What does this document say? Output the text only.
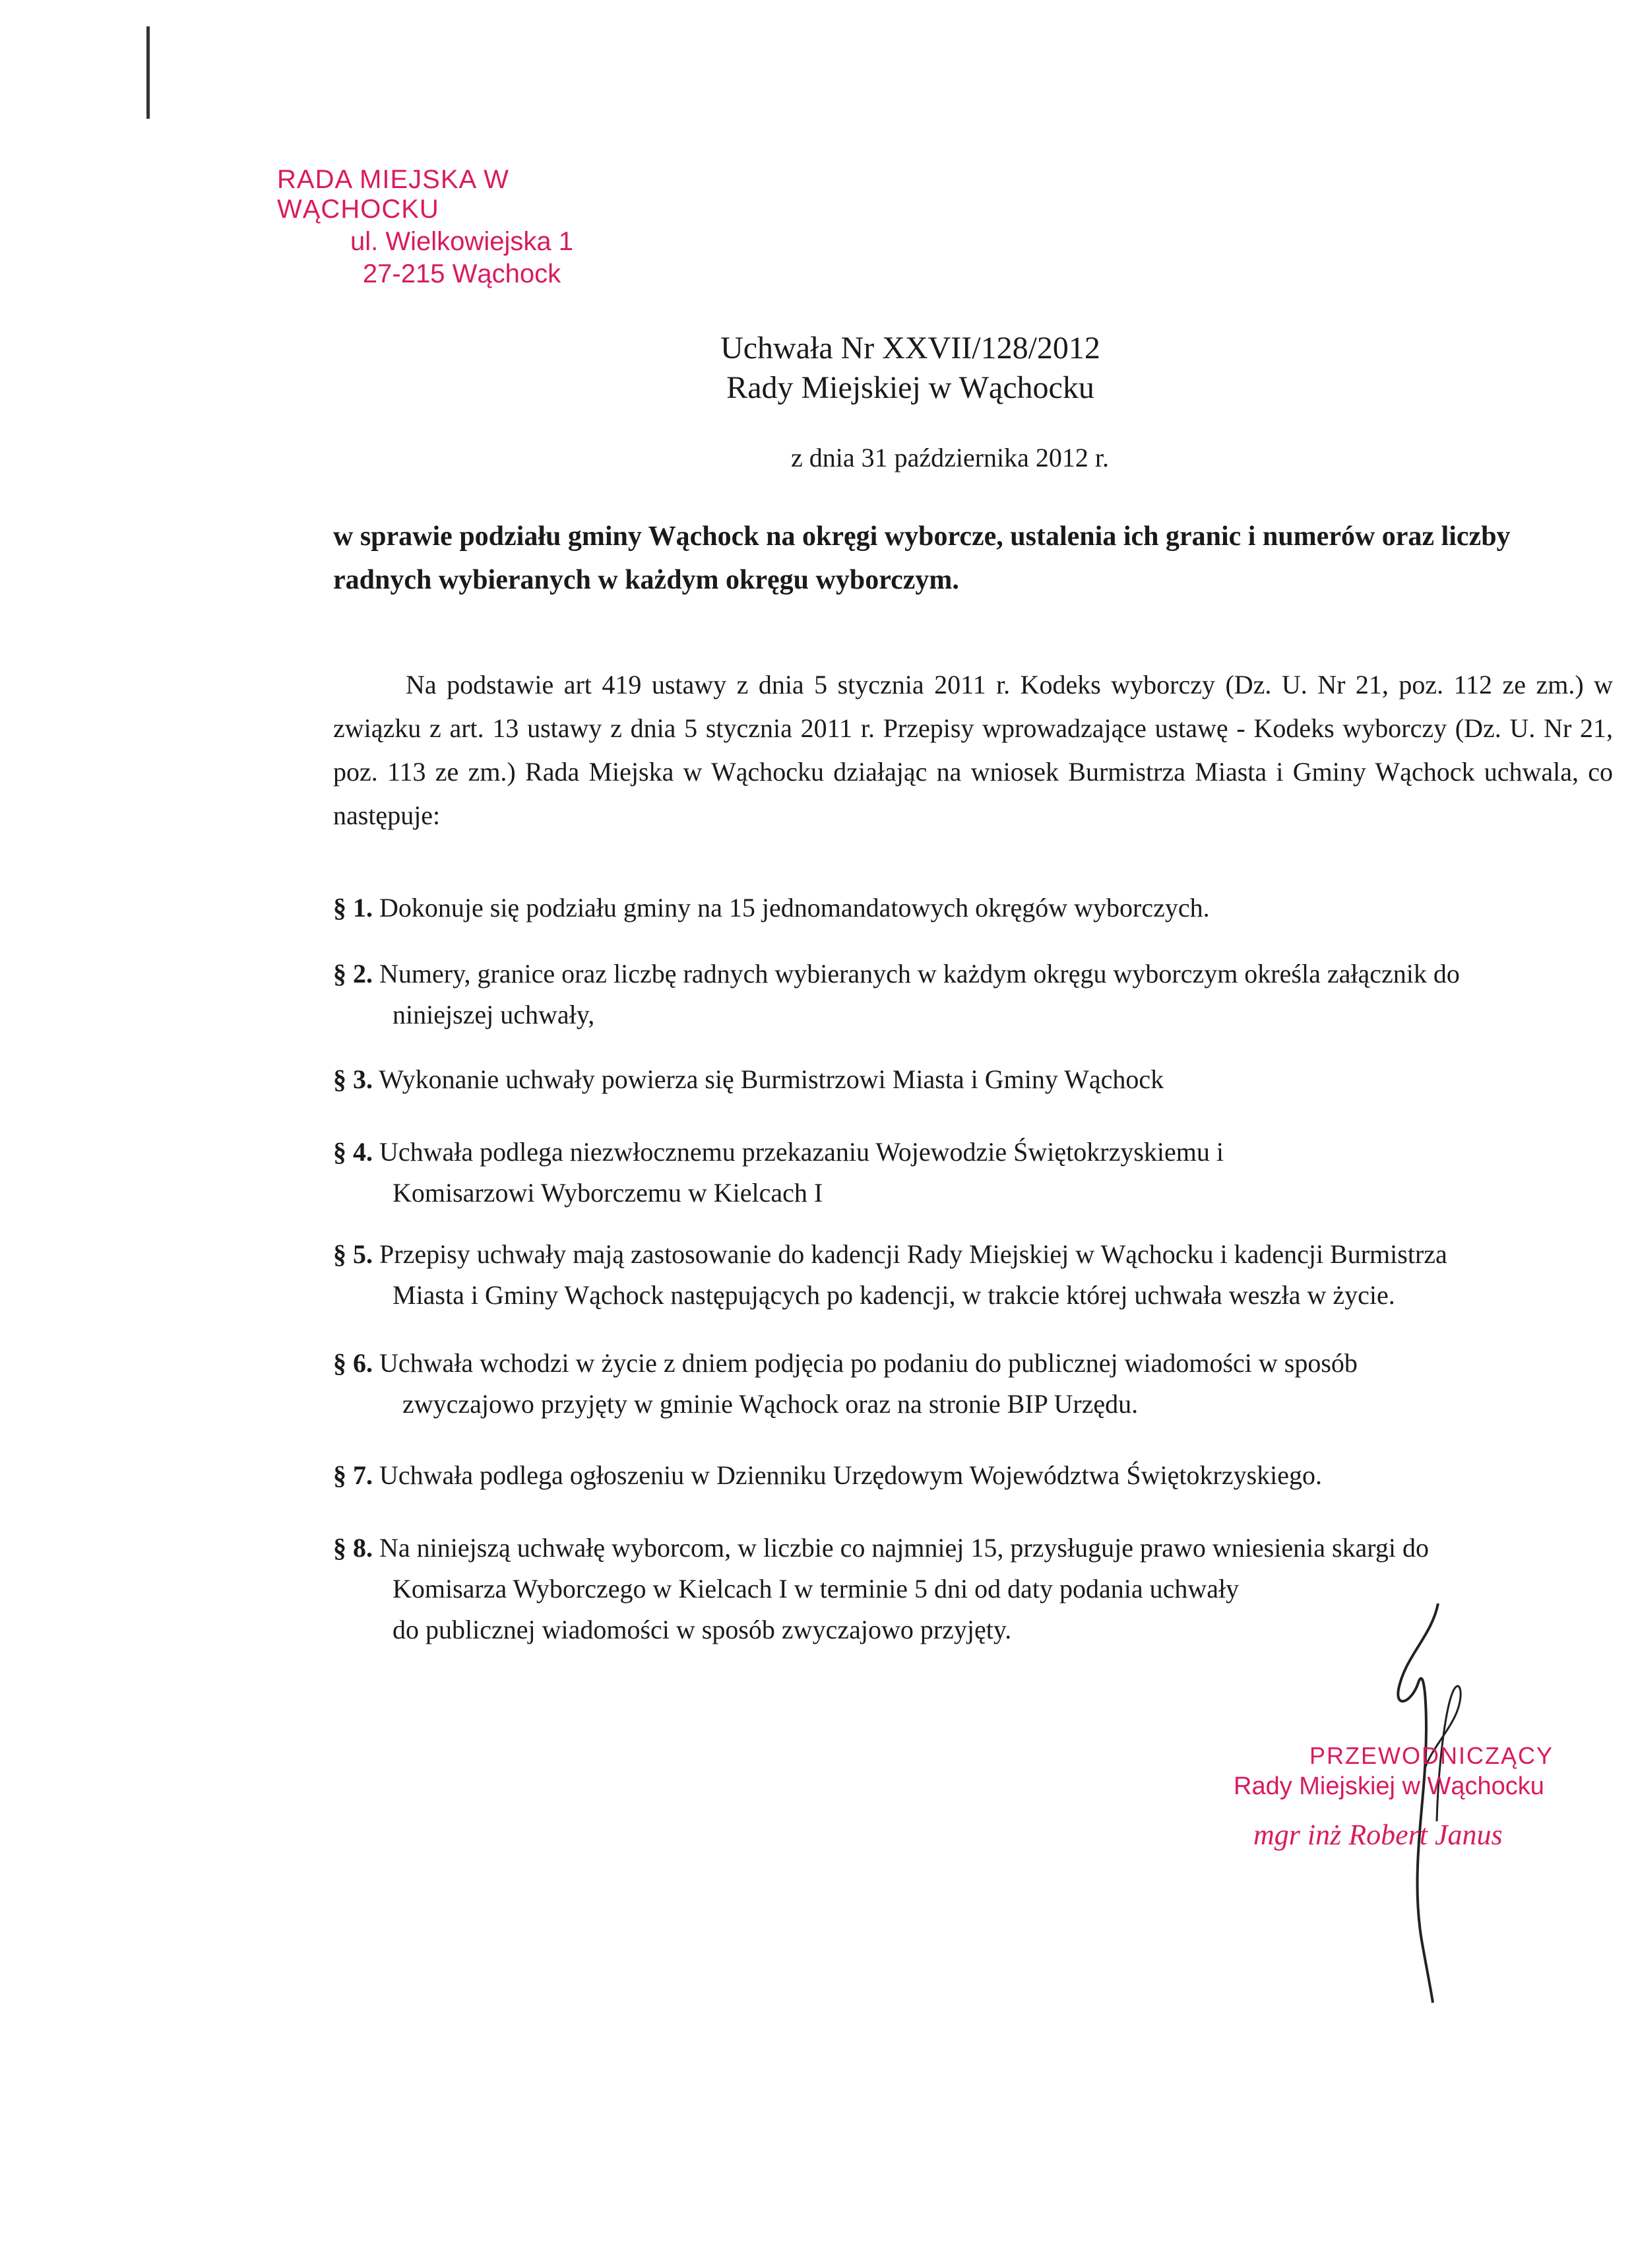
RADA MIEJSKA W WĄCHOCKU
ul. Wielkowiejska 1
27-215 Wąchock
Uchwała Nr XXVII/128/2012
Rady Miejskiej w Wąchocku
z dnia 31 października 2012 r.
w sprawie podziału gminy Wąchock na okręgi wyborcze, ustalenia ich granic i numerów oraz liczby radnych wybieranych w każdym okręgu wyborczym.
Na podstawie art 419 ustawy z dnia 5 stycznia 2011 r. Kodeks wyborczy (Dz. U. Nr 21, poz. 112 ze zm.) w związku z art. 13 ustawy z dnia 5 stycznia 2011 r. Przepisy wprowadzające ustawę - Kodeks wyborczy (Dz. U. Nr 21, poz. 113 ze zm.) Rada Miejska w Wąchocku działając na wniosek Burmistrza Miasta i Gminy Wąchock uchwala, co następuje:
§ 1. Dokonuje się podziału gminy na 15 jednomandatowych okręgów wyborczych.
§ 2. Numery, granice oraz liczbę radnych wybieranych w każdym okręgu wyborczym określa załącznik do
niniejszej uchwały,
§ 3. Wykonanie uchwały powierza się Burmistrzowi Miasta i Gminy Wąchock
§ 4. Uchwała podlega niezwłocznemu przekazaniu Wojewodzie Świętokrzyskiemu i
Komisarzowi Wyborczemu w Kielcach I
§ 5. Przepisy uchwały mają zastosowanie do kadencji Rady Miejskiej w Wąchocku i kadencji Burmistrza
Miasta i Gminy Wąchock następujących po kadencji, w trakcie której uchwała weszła w życie.
§ 6. Uchwała wchodzi w życie z dniem podjęcia po podaniu do publicznej wiadomości w sposób
zwyczajowo przyjęty w gminie Wąchock oraz na stronie BIP Urzędu.
§ 7. Uchwała podlega ogłoszeniu w Dzienniku Urzędowym Województwa Świętokrzyskiego.
§ 8. Na niniejszą uchwałę wyborcom, w liczbie co najmniej 15, przysługuje prawo wniesienia skargi do
Komisarza Wyborczego w Kielcach I w terminie 5 dni od daty podania uchwały do publicznej wiadomości w sposób zwyczajowo przyjęty.
PRZEWODNICZĄCY
Rady Miejskiej w Wąchocku
mgr inż Robert Janus
